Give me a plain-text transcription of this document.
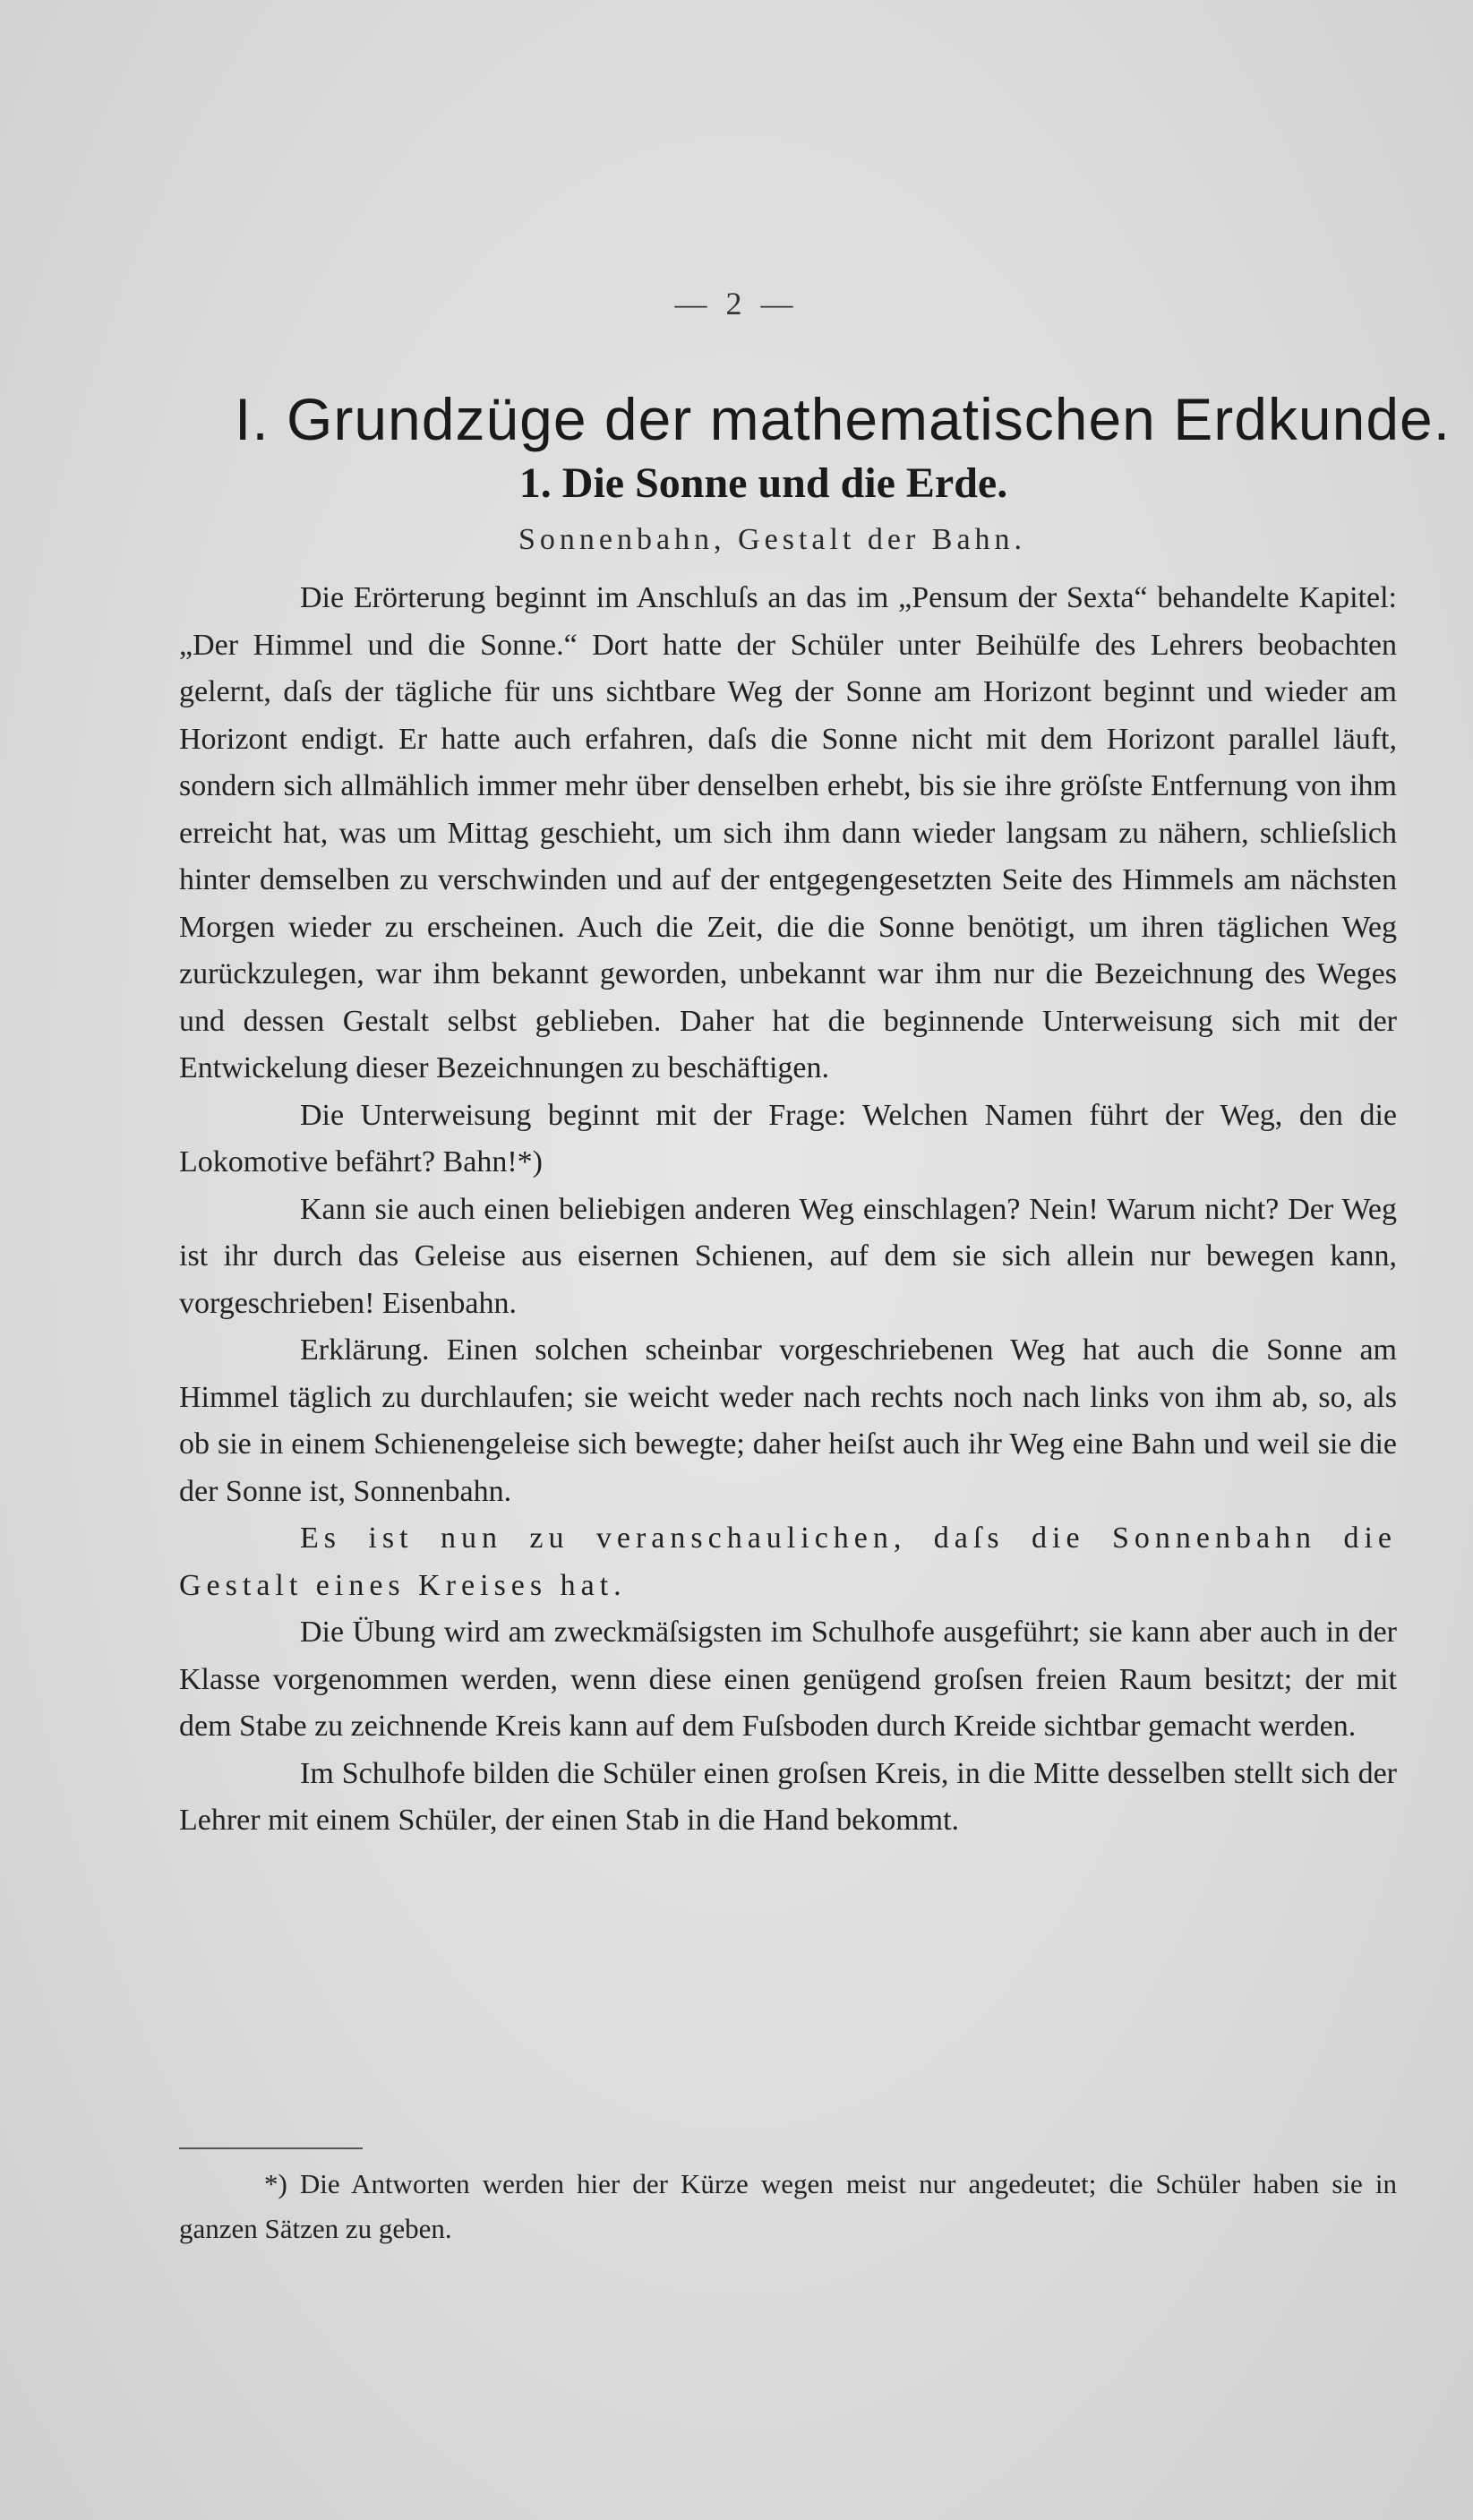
— 2 —
I. Grundzüge der mathematischen Erdkunde.
1. Die Sonne und die Erde.
Sonnenbahn, Gestalt der Bahn.

Die Erörterung beginnt im Anschluſs an das im „Pensum der Sexta“ behandelte Kapitel: „Der Himmel und die Sonne.“ Dort hatte der Schüler unter Beihülfe des Lehrers beobachten gelernt, daſs der tägliche für uns sichtbare Weg der Sonne am Horizont beginnt und wieder am Horizont endigt. Er hatte auch erfahren, daſs die Sonne nicht mit dem Horizont parallel läuft, sondern sich allmählich immer mehr über denselben erhebt, bis sie ihre gröſste Entfernung von ihm erreicht hat, was um Mittag geschieht, um sich ihm dann wieder langsam zu nähern, schlieſslich hinter demselben zu verschwinden und auf der entgegengesetzten Seite des Himmels am nächsten Morgen wieder zu erscheinen. Auch die Zeit, die die Sonne benötigt, um ihren täglichen Weg zurückzulegen, war ihm bekannt geworden, unbekannt war ihm nur die Bezeichnung des Weges und dessen Gestalt selbst geblieben. Daher hat die beginnende Unterweisung sich mit der Entwickelung dieser Bezeichnungen zu beschäftigen.

Die Unterweisung beginnt mit der Frage: Welchen Namen führt der Weg, den die Lokomotive befährt? Bahn!*)

Kann sie auch einen beliebigen anderen Weg einschlagen? Nein! Warum nicht? Der Weg ist ihr durch das Geleise aus eisernen Schienen, auf dem sie sich allein nur bewegen kann, vorgeschrieben! Eisenbahn.

Erklärung. Einen solchen scheinbar vorgeschriebenen Weg hat auch die Sonne am Himmel täglich zu durchlaufen; sie weicht weder nach rechts noch nach links von ihm ab, so, als ob sie in einem Schienengeleise sich bewegte; daher heiſst auch ihr Weg eine Bahn und weil sie die der Sonne ist, Sonnenbahn.

Es ist nun zu veranschaulichen, daſs die Sonnenbahn die Gestalt eines Kreises hat.

Die Übung wird am zweckmäſsigsten im Schulhofe ausgeführt; sie kann aber auch in der Klasse vorgenommen werden, wenn diese einen genügend groſsen freien Raum besitzt; der mit dem Stabe zu zeichnende Kreis kann auf dem Fuſsboden durch Kreide sichtbar gemacht werden.

Im Schulhofe bilden die Schüler einen groſsen Kreis, in die Mitte desselben stellt sich der Lehrer mit einem Schüler, der einen Stab in die Hand bekommt.

*) Die Antworten werden hier der Kürze wegen meist nur angedeutet; die Schüler haben sie in ganzen Sätzen zu geben.
